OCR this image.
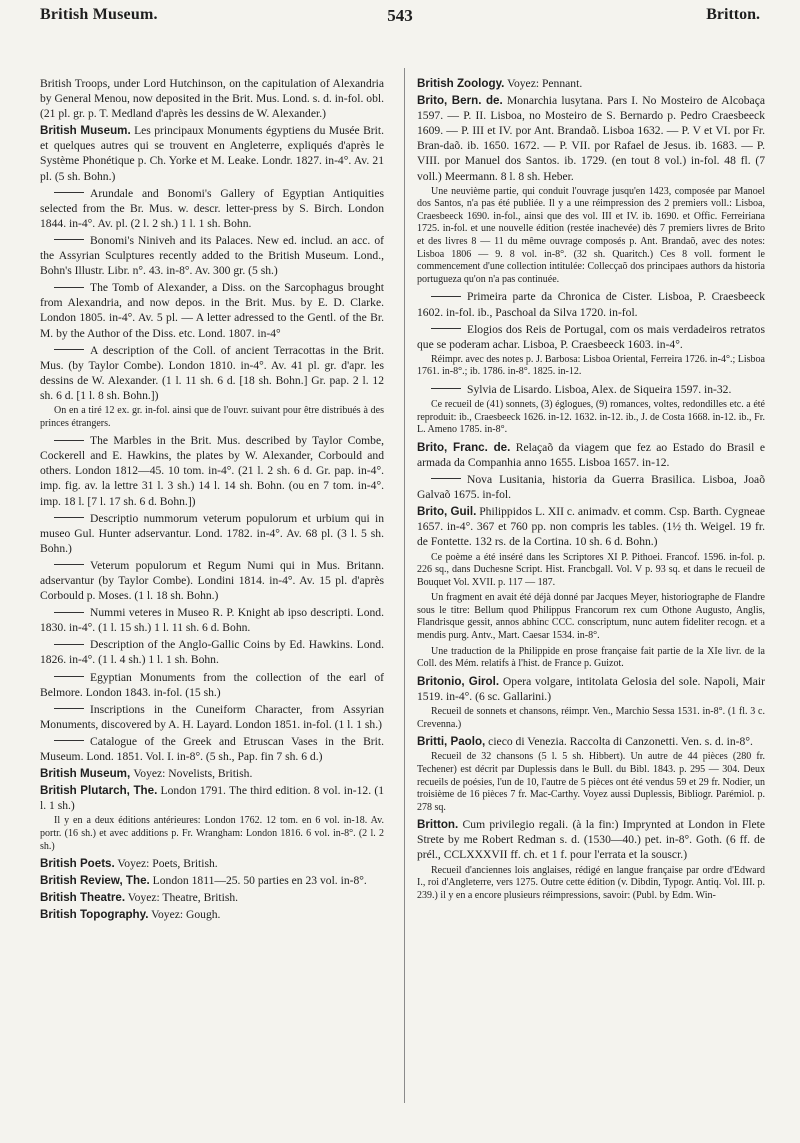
British Museum.	543	Britton.

British Troops, under Lord Hutchinson, on the capitulation of Alexandria by General Menou, now deposited in the Brit. Mus. Lond. s. d. in-fol. obl. (21 pl. gr. p. T. Medland d'après les dessins de W. Alexander.)

British Museum. Les principaux Monuments égyptiens du Musée Brit. et quelques autres qui se trouvent en Angleterre, expliqués d'après le Système Phonétique p. Ch. Yorke et M. Leake. Londr. 1827. in-4°. Av. 21 pl. (5 sh. Bohn.)

Arundale and Bonomi's Gallery of Egyptian Antiquities selected from the Br. Mus. w. descr. letter-press by S. Birch. London 1844. in-4°. Av. pl. (2 l. 2 sh.) 1 l. 1 sh. Bohn.

Bonomi's Niniveh and its Palaces. New ed. includ. an acc. of the Assyrian Sculptures recently added to the British Museum. Lond., Bohn's Illustr. Libr. n°. 43. in-8°. Av. 300 gr. (5 sh.)

The Tomb of Alexander, a Diss. on the Sarcophagus brought from Alexandria, and now depos. in the Brit. Mus. by E. D. Clarke. London 1805. in-4°. Av. 5 pl. — A letter adressed to the Gentl. of the Br. M. by the Author of the Diss. etc. Lond. 1807. in-4°

A description of the Coll. of ancient Terracottas in the Brit. Mus. (by Taylor Combe). London 1810. in-4°. Av. 41 pl. gr. d'apr. les dessins de W. Alexander. (1 l. 11 sh. 6 d. [18 sh. Bohn.] Gr. pap. 2 l. 12 sh. 6 d. [1 l. 8 sh. Bohn.])

On en a tiré 12 ex. gr. in-fol. ainsi que de l'ouvr. suivant pour être distribués à des princes étrangers.

The Marbles in the Brit. Mus. described by Taylor Combe, Cockerell and E. Hawkins, the plates by W. Alexander, Corbould and others. London 1812—45. 10 tom. in-4°. (21 l. 2 sh. 6 d. Gr. pap. in-4°. imp. fig. av. la lettre 31 l. 3 sh.) 14 l. 14 sh. Bohn. (ou en 7 tom. in-4°. imp. 18 l. [7 l. 17 sh. 6 d. Bohn.])

Descriptio nummorum veterum populorum et urbium qui in museo Gul. Hunter adservantur. Lond. 1782. in-4°. Av. 68 pl. (3 l. 5 sh. Bohn.)

Veterum populorum et Regum Numi qui in Mus. Britann. adservantur (by Taylor Combe). Londini 1814. in-4°. Av. 15 pl. d'après Corbould p. Moses. (1 l. 18 sh. Bohn.)

Nummi veteres in Museo R. P. Knight ab ipso descripti. Lond. 1830. in-4°. (1 l. 15 sh.) 1 l. 11 sh. 6 d. Bohn.

Description of the Anglo-Gallic Coins by Ed. Hawkins. Lond. 1826. in-4°. (1 l. 4 sh.) 1 l. 1 sh. Bohn.

Egyptian Monuments from the collection of the earl of Belmore. London 1843. in-fol. (15 sh.)

Inscriptions in the Cuneiform Character, from Assyrian Monuments, discovered by A. H. Layard. London 1851. in-fol. (1 l. 1 sh.)

Catalogue of the Greek and Etruscan Vases in the Brit. Museum. Lond. 1851. Vol. I. in-8°. (5 sh., Pap. fin 7 sh. 6 d.)

British Museum, Voyez: Novelists, British.

British Plutarch, The. London 1791. The third edition. 8 vol. in-12. (1 l. 1 sh.)

Il y en a deux éditions antérieures: London 1762. 12 tom. en 6 vol. in-18. Av. portr. (16 sh.) et avec additions p. Fr. Wrangham: London 1816. 6 vol. in-8°. (2 l. 2 sh.)

British Poets. Voyez: Poets, British.

British Review, The. London 1811—25. 50 parties en 23 vol. in-8°.

British Theatre. Voyez: Theatre, British.

British Topography. Voyez: Gough.

British Zoology. Voyez: Pennant.

Brito, Bern. de. Monarchia lusytana. Pars I. No Mosteiro de Alcobaça 1597. — P. II. Lisboa, no Mosteiro de S. Bernardo p. Pedro Craesbeeck 1609. — P. III et IV. por Ant. Brandaõ. Lisboa 1632. — P. V et VI. por Fr. Bran-daõ. ib. 1650. 1672. — P. VII. por Rafael de Jesus. ib. 1683. — P. VIII. por Manuel dos Santos. ib. 1729. (en tout 8 vol.) in-fol. 48 fl. (7 voll.) Meermann. 8 l. 8 sh. Heber.

Une neuvième partie, qui conduit l'ouvrage jusqu'en 1423, composée par Manoel dos Santos, n'a pas été publiée. Il y a une réimpression des 2 premiers voll.: Lisboa, Craesbeeck 1690. in-fol., ainsi que des vol. III et IV. ib. 1690. et Offic. Ferreiriana 1725. in-fol. et une nouvelle édition (restée inachevée) dès 7 premiers livres de Brito et des livres 8 — 11 du même ouvrage composés p. Ant. Brandaõ, avec des notes: Lisboa 1806 — 9. 8 vol. in-8°. (32 sh. Quaritch.) Ces 8 voll. forment le commencement d'une collection intitulée: Collecçaõ dos principaes authors da historia portugueza qu'on n'a pas continuée.

Primeira parte da Chronica de Cister. Lisboa, P. Craesbeeck 1602. in-fol. ib., Paschoal da Silva 1720. in-fol.

Elogios dos Reis de Portugal, com os mais verdadeiros retratos que se poderam achar. Lisboa, P. Craesbeeck 1603. in-4°.

Réimpr. avec des notes p. J. Barbosa: Lisboa Oriental, Ferreira 1726. in-4°.; Lisboa 1761. in-8°.; ib. 1786. in-8°. 1825. in-12.

Sylvia de Lisardo. Lisboa, Alex. de Siqueira 1597. in-32.

Ce recueil de (41) sonnets, (3) églogues, (9) romances, voltes, redondilles etc. a été reproduit: ib., Craesbeeck 1626. in-12. 1632. in-12. ib., J. de Costa 1668. in-12. ib., Fr. L. Ameno 1785. in-8°.

Brito, Franc. de. Relaçaõ da viagem que fez ao Estado do Brasil e armada da Companhia anno 1655. Lisboa 1657. in-12.

Nova Lusitania, historia da Guerra Brasilica. Lisboa, Joaõ Galvaõ 1675. in-fol.

Brito, Guil. Philippidos L. XII c. animadv. et comm. Csp. Barth. Cygneae 1657. in-4°. 367 et 760 pp. non compris les tables. (1½ th. Weigel. 19 fr. de Fontette. 132 rs. de la Cortina. 10 sh. 6 d. Bohn.)

Ce poème a été inséré dans les Scriptores XI P. Pithoei. Francof. 1596. in-fol. p. 226 sq., dans Duchesne Script. Hist. Francbgall. Vol. V p. 93 sq. et dans le recueil de Bouquet Vol. XVII. p. 117 — 187.

Un fragment en avait été déjà donné par Jacques Meyer, historiographe de Flandre sous le titre: Bellum quod Philippus Francorum rex cum Othone Augusto, Anglis, Flandrisque gessit, annos abhinc CCC. conscriptum, nunc autem fideliter recogn. et a mendis purg. Antv., Mart. Caesar 1534. in-8°.

Une traduction de la Philippide en prose française fait partie de la XIe livr. de la Coll. des Mém. relatifs à l'hist. de France p. Guizot.

Britonio, Girol. Opera volgare, intitolata Gelosia del sole. Napoli, Mair 1519. in-4°. (6 sc. Gallarini.)

Recueil de sonnets et chansons, réimpr. Ven., Marchio Sessa 1531. in-8°. (1 fl. 3 c. Crevenna.)

Britti, Paolo, cieco di Venezia. Raccolta di Canzonetti. Ven. s. d. in-8°.

Recueil de 32 chansons (5 l. 5 sh. Hibbert). Un autre de 44 pièces (280 fr. Techener) est décrit par Duplessis dans le Bull. du Bibl. 1843. p. 295 — 304. Deux recueils de poésies, l'un de 10, l'autre de 5 pièces ont été vendus 59 et 29 fr. Nodier, un troisième de 16 pièces 7 fr. Mac-Carthy. Voyez aussi Duplessis, Bibliogr. Parémiol. p. 278 sq.

Britton. Cum privilegio regali. (à la fin:) Imprynted at London in Flete Strete by me Robert Redman s. d. (1530—40.) pet. in-8°. Goth. (6 ff. de prél., CCLXXXVII ff. ch. et 1 f. pour l'errata et la souscr.)

Recueil d'anciennes lois anglaises, rédigé en langue française par ordre d'Edward I., roi d'Angleterre, vers 1275. Outre cette édition (v. Dibdin, Typogr. Antiq. Vol. III. p. 239.) il y en a encore plusieurs réimpressions, savoir: (Publ. by Edm. Win-
